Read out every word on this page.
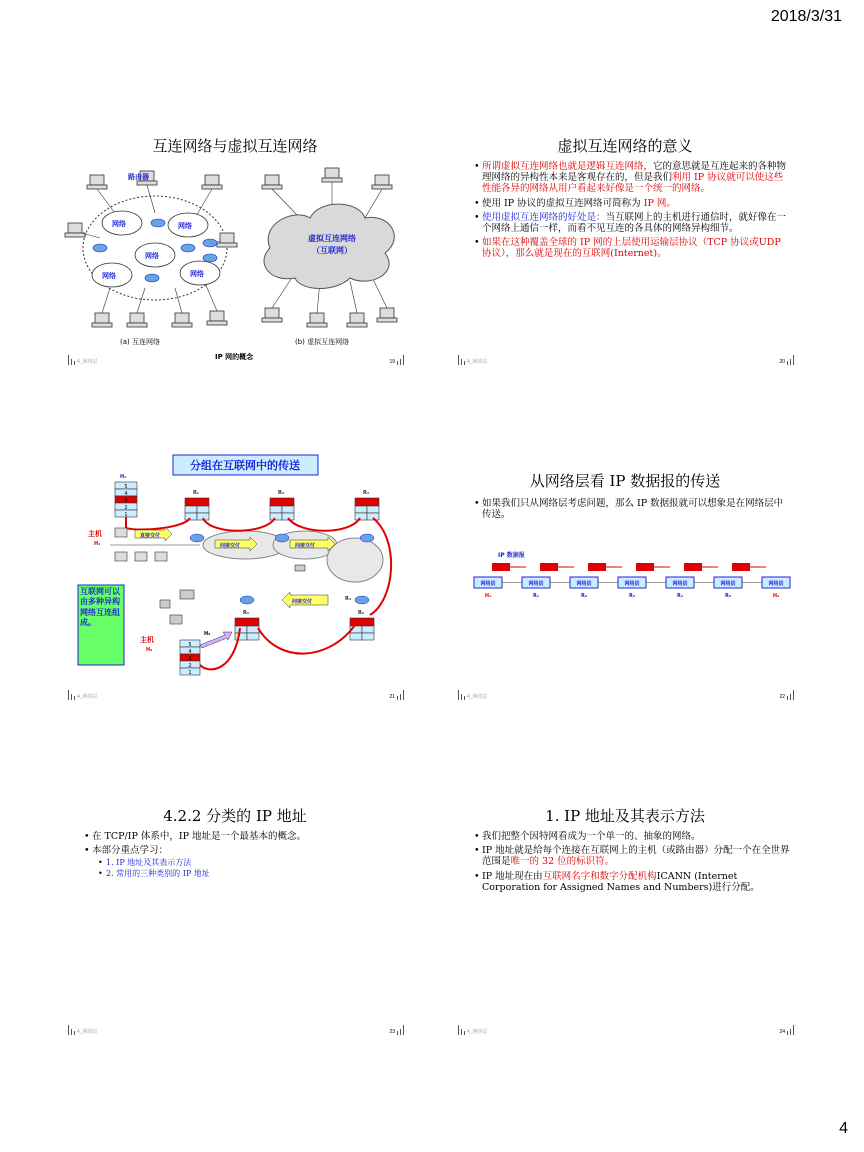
2018/3/31
互连网络与虚拟互连网络
网络	网络
网络
网络	网络
路由器
(a) 互连网络
虚拟互连网络
（互联网）
(b) 虚拟互连网络
IP 网的概念
4_网络层	19
虚拟互连网络的意义
• 所谓虚拟互连网络也就是逻辑互连网络，它的意思就是互连起来的各种物理网络的异构性本来是客观存在的，但是我们利用 IP 协议就可以使这些性能各异的网络从用户看起来好像是一个统一的网络。
• 使用 IP 协议的虚拟互连网络可简称为 IP 网。
• 使用虚拟互连网络的好处是：当互联网上的主机进行通信时，就好像在一个网络上通信一样，而看不见互连的各具体的网络异构细节。
• 如果在这种覆盖全球的 IP 网的上层使用运输层协议（TCP 协议或UDP协议），那么就是现在的互联网(Internet)。
4_网络层	20
分组在互联网中的传送
H₁
5
4
3
2
1
R₁	R₂	R₃
R₅	R₆
R₄
主机
H₁
直接交付
间接交付	间接交付
间接交付
主机
H₂
5
4
3
2
1
H₂
互联网可以由多种异构网络互连组成。
4_网络层	21
从网络层看 IP 数据报的传送
• 如果我们只从网络层考虑问题，那么 IP 数据报就可以想象是在网络层中传送。
IP 数据报
网络层
H₁
网络层
R₁
网络层
R₂
网络层
R₃
网络层
R₄
网络层
R₅
网络层
H₂
4_网络层	22
4.2.2 分类的 IP 地址
• 在 TCP/IP 体系中，IP 地址是一个最基本的概念。
• 本部分重点学习：
• 1. IP 地址及其表示方法
• 2. 常用的三种类别的 IP 地址
4_网络层	23
1. IP 地址及其表示方法
• 我们把整个因特网看成为一个单一的、抽象的网络。
• IP 地址就是给每个连接在互联网上的主机（或路由器）分配一个在全世界范围是唯一的 32 位的标识符。
• IP 地址现在由互联网名字和数字分配机构ICANN (Internet Corporation for Assigned Names and Numbers)进行分配。
4_网络层	24
4
